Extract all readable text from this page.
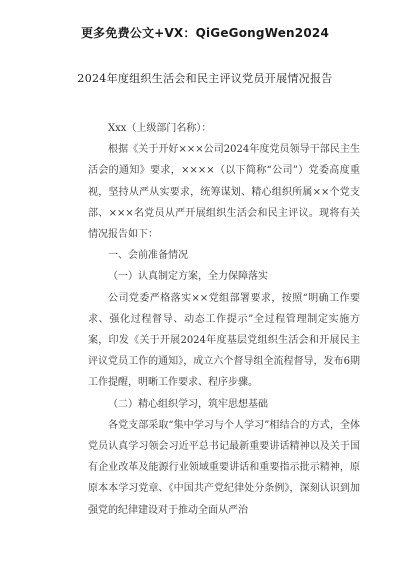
更多免费公文+VX：QiGeGongWen2024
2024年度组织生活会和民主评议党员开展情况报告

Xxx（上级部门名称）：

根据《关于开好×××公司2024年度党员领导干部民主生活会的通知》要求，××××（以下简称“公司”）党委高度重视，坚持从严从实要求，统筹谋划、精心组织所属××个党支部、×××名党员从严开展组织生活会和民主评议。现将有关情况报告如下：

一、会前准备情况

（一）认真制定方案，全力保障落实

公司党委严格落实××党组部署要求，按照“明确工作要求、强化过程督导、动态工作提示”全过程管理制定实施方案，印发《关于开展2024年度基层党组织生活会和开展民主评议党员工作的通知》，成立六个督导组全流程督导，发布6期工作提醒，明晰工作要求、程序步骤。

（二）精心组织学习，筑牢思想基础

各党支部采取“集中学习与个人学习”相结合的方式，全体党员认真学习领会习近平总书记最新重要讲话精神以及关于国有企业改革及能源行业领域重要讲话和重要指示批示精神，原原本本学习党章、《中国共产党纪律处分条例》，深刻认识到加强党的纪律建设对于推动全面从严治
